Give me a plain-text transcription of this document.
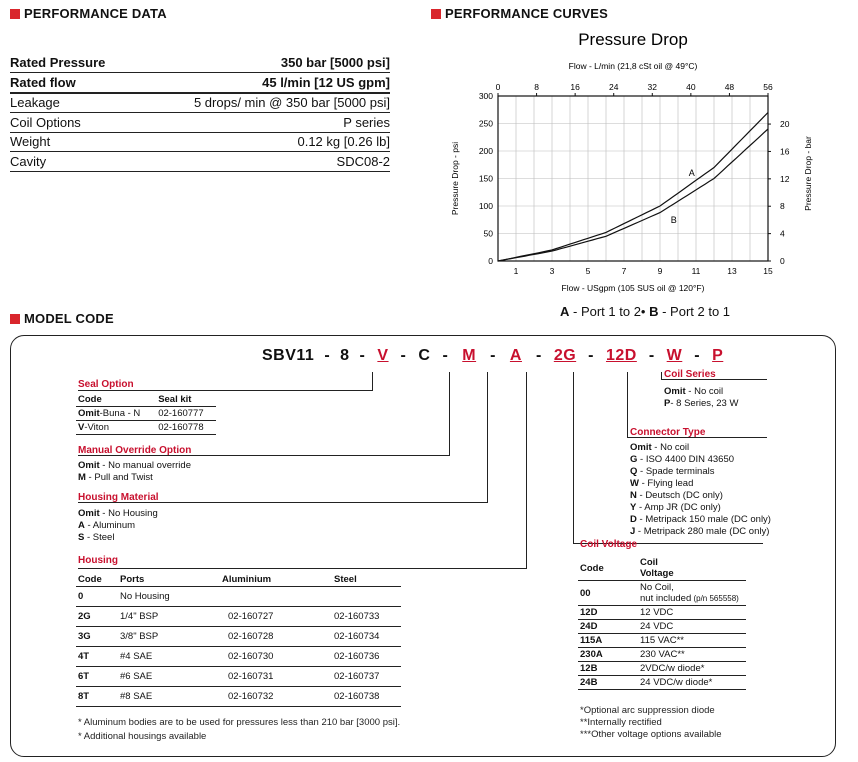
PERFORMANCE DATA	PERFORMANCE CURVES
MODEL CODE
Rated Pressure	350 bar [5000 psi]
Rated flow	45 l/min [12 US gpm]
Leakage	5 drops/ min @ 350 bar [5000 psi]
Coil Options	P series
Weight	0.12 kg [0.26 lb]
Cavity	SDC08-2
Pressure Drop
Flow - L/min (21,8 cSt oil @ 49°C)
1	3	5	7	9	11	13	15
0	8	16	24	32	40	48	56
0
50
100
150
200
250
300
0
4
8
12
16
20
Flow - USgpm (105 SUS oil @ 120°F)
Pressure Drop - psi	Pressure Drop - bar
A
B
A - Port 1 to 2• B - Port 2 to 1
SBV11 - 8 - V - C - M - A - 2G - 12D - W - P
Seal Option
Code	Seal kit
Omit-Buna - N	02-160777
V-Viton	02-160778
Manual Override Option
Omit - No manual override
M - Pull and Twist
Housing Material
Omit - No Housing
A - Aluminum
S - Steel
Housing
Code	Ports	Aluminium	Steel
0	No Housing		
2G	1/4" BSP	02-160727	02-160733
3G	3/8" BSP	02-160728	02-160734
4T	#4 SAE	02-160730	02-160736
6T	#6 SAE	02-160731	02-160737
8T	#8 SAE	02-160732	02-160738
* Aluminum bodies are to be used for pressures less than 210 bar [3000 psi].
* Additional housings available
Coil Series
Omit - No coil
P- 8 Series, 23 W
Connector Type
Omit - No coil
G - ISO 4400 DIN 43650
Q - Spade terminals
W - Flying lead
N - Deutsch (DC only)
Y - Amp JR (DC only)
D - Metripack 150 male (DC only)
J - Metripack 280 male (DC only)
Coil Voltage
Code	Coil
Voltage

00	No Coil,
nut included (p/n 565558)

12D	12 VDC
24D	24 VDC
115A	115 VAC**
230A	230 VAC**
12B	2VDC/w diode*
24B	24 VDC/w diode*
*Optional arc suppression diode
**Internally rectified
***Other voltage options available
